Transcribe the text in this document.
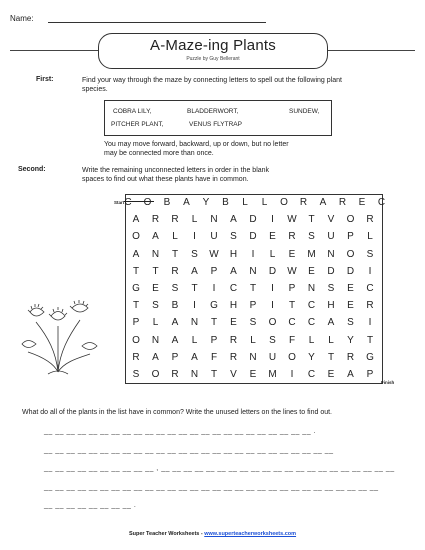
Name:
A-Maze-ing Plants
Puzzle by Guy Bellerant
First:	Find your way through the maze by connecting letters to spell out the following plant
species.
COBRA LILY,	BLADDERWORT,	SUNDEW,
PITCHER PLANT,	VENUS FLYTRAP
You may move forward, backward, up or down, but no letter
may be connected more than once.
Second:	Write the remaining unconnected letters in order in the blank
spaces to find out what these plants have in common.
Start C	O	B	A	Y	B	L	L	O	R	A	R	E	C
A	R	R	L	N	A	D	I	W	T	V	O	R
O	A	L	I	U	S	D	E	R	S	U	P	L
A	N	T	S	W	H	I	L	E	M	N	O	S
T	T	R	A	P	A	N	D	W	E	D	D	I
G	E	S	T	I	C	T	I	P	N	S	E	C
T	S	B	I	G	H	P	I	T	C	H	E	R
P	L	A	N	T	E	S	O	C	C	A	S	I
O	N	A	L	P	R	L	S	F	L	L	Y	T
R	A	P	A	F	R	N	U	O	Y	T	R	G
S	O	R	N	T	V	E	M	I	C	E	A	P
Finish
What do all of the plants in the list have in common? Write the unused letters on the lines to find out.
__ __ __ __ __ __ __ __ __ __ __ __ __ __ __ __ __ __ __ __ __ __ __ __ .
__ __ __ __ __ __ __ __ __ __ __ __ __ __ __ __ __ __ __ __ __ __ __ __ __ __
__ __ __ __ __ __ __ __ __ __ , __ __ __ __ __ __ __ __ __ __ __ __ __ __ __ __ __ __ __ __ __
__ __ __ __ __ __ __ __ __ __ __ __ __ __ __ __ __ __ __ __ __ __ __ __ __ __ __ __ __ __
__ __ __ __ __ __ __ __ .
Super Teacher Worksheets - www.superteacherworksheets.com
